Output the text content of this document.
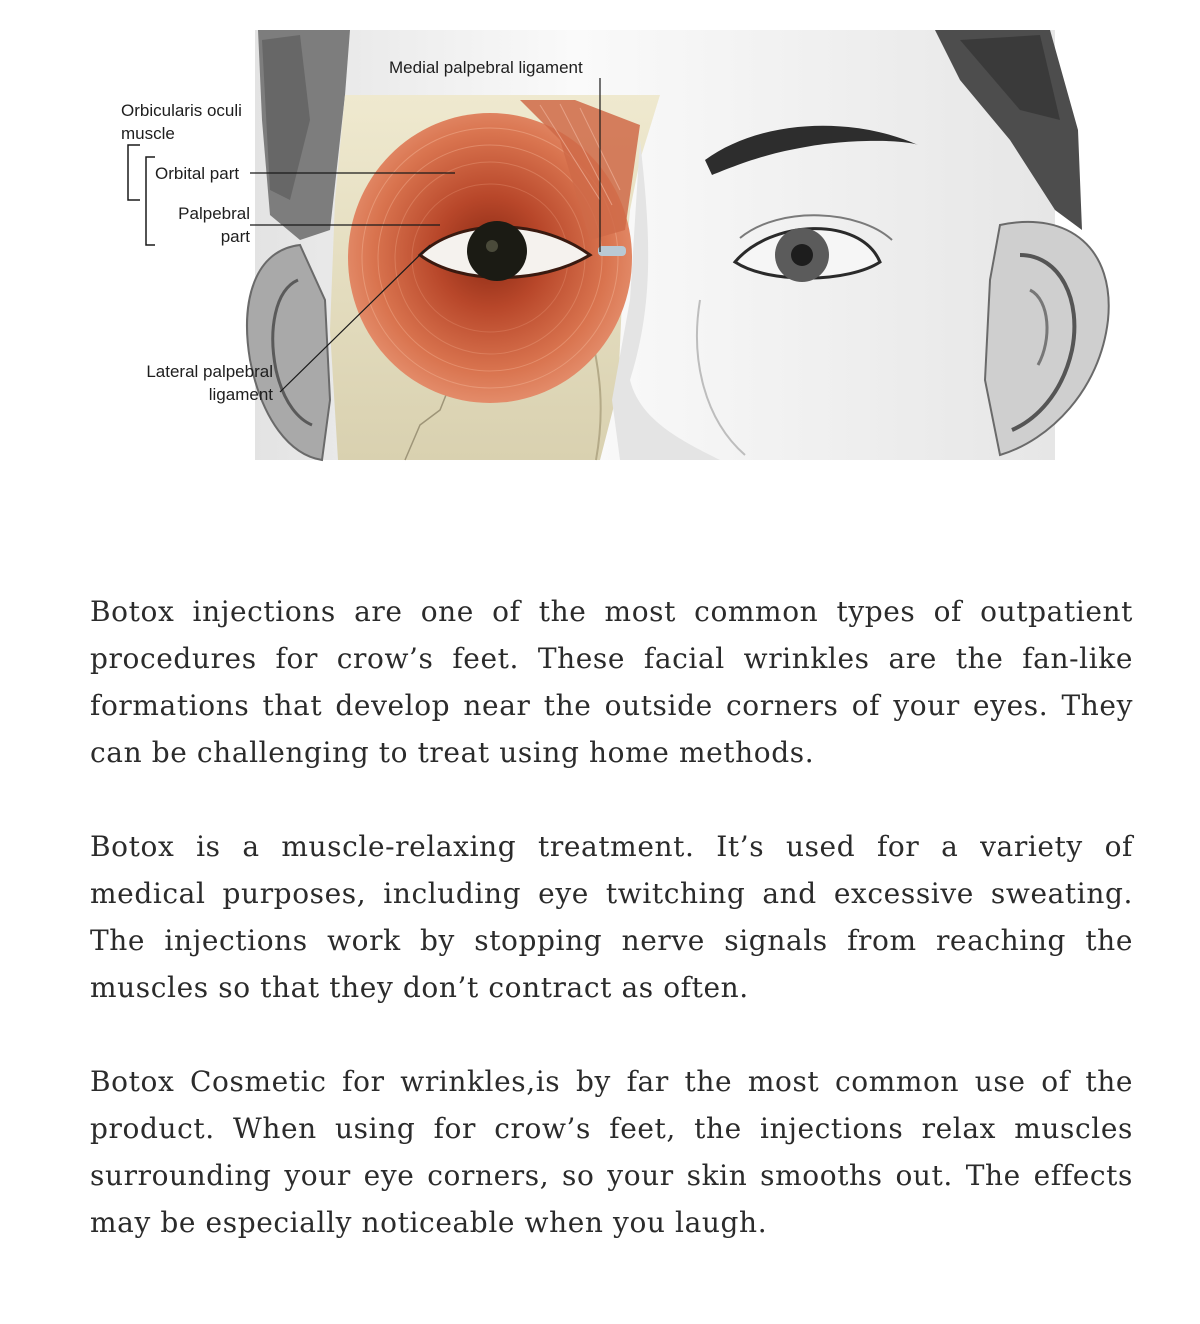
Medial palpebral ligament
Orbicularis oculi
muscle
Orbital part
Palpebral
part
Lateral palpebral
ligament

Botox injections are one of the most common types of outpatient procedures for crow’s feet. These facial wrinkles are the fan-like formations that develop near the outside corners of your eyes. They can be challenging to treat using home methods.

Botox is a muscle-relaxing treatment. It’s used for a variety of medical purposes, including eye twitching and excessive sweating. The injections work by stopping nerve signals from reaching the muscles so that they don’t contract as often.

Botox Cosmetic for wrinkles,is by far the most common use of the product. When using for crow’s feet, the injections relax muscles surrounding your eye corners, so your skin smooths out. The effects may be especially noticeable when you laugh.
